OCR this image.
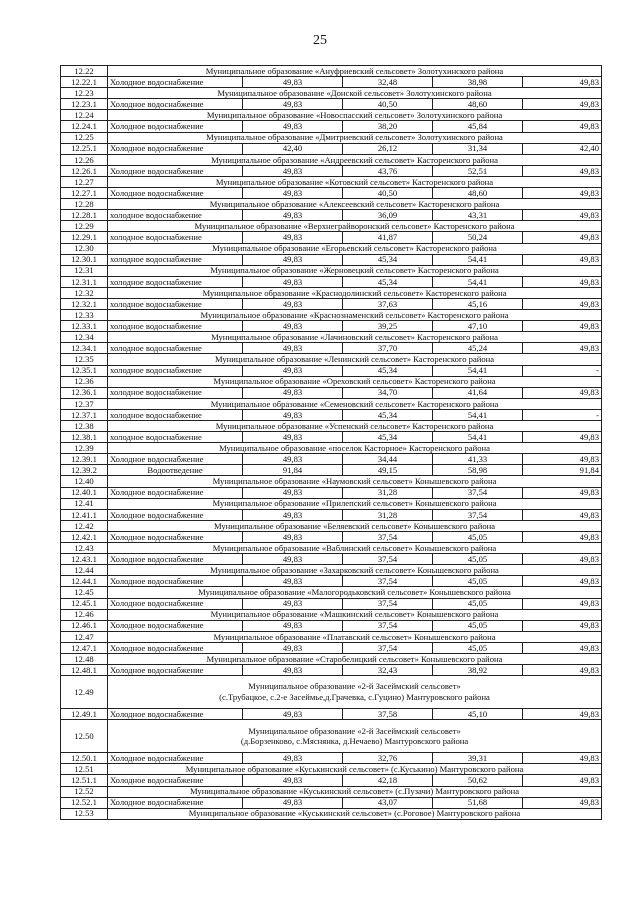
25
12.22	Муниципальное образование «Ануфриевский сельсовет» Золотухинского района				

12.22.1	Холодное водоснабжение	49,83	32,48	38,98	49,83
12.23	Муниципальное образование «Донской сельсовет» Золотухинского района				

12.23.1	Холодное водоснабжение	49,83	40,50	48,60	49,83
12.24	Муниципальное образование «Новоспасский сельсовет» Золотухинского района				

12.24.1	Холодное водоснабжение	49,83	38,20	45,84	49,83
12.25	Муниципальное образование «Дмитриевский сельсовет» Золотухинского района				

12.25.1	Холодное водоснабжение	42,40	26,12	31,34	42,40
12.26	Муниципальное образование «Андреевский сельсовет» Касторенского района				

12.26.1	Холодное водоснабжение	49,83	43,76	52,51	49,83
12.27	Муниципальное образование «Котовский сельсовет» Касторенского района				

12.27.1	Холодное водоснабжение	49,83	40,50	48,60	49,83
12.28	Муниципальное образование «Алексеевский сельсовет» Касторенского района				

12.28.1	холодное водоснабжение	49,83	36,09	43,31	49,83
12.29	Муниципальное образование «Верхнеграйворонский сельсовет» Касторенского района				

12.29.1	холодное водоснабжение	49,83	41,87	50,24	49,83
12.30	Муниципальное образование «Егорьевский сельсовет» Касторенского района				

12.30.1	холодное водоснабжение	49,83	45,34	54,41	49,83
12.31	Муниципальное образование «Жерновецкий сельсовет» Касторенского района				

12.31.1	холодное водоснабжение	49,83	45,34	54,41	49,83
12.32	Муниципальное образование «Краснодолинский сельсовет» Касторенского района				

12.32.1	холодное водоснабжение	49,83	37,63	45,16	49,83
12.33	Муниципальное образование «Краснознаменский сельсовет» Касторенского района				

12.33.1	холодное водоснабжение	49,83	39,25	47,10	49,83
12.34	Муниципальное образование «Лачиновский сельсовет» Касторенского района				

12.34.1	холодное водоснабжение	49,83	37,70	45,24	49,83
12.35	Муниципальное образование «Ленинский сельсовет» Касторенского района				

12.35.1	холодное водоснабжение	49,83	45,34	54,41	-
12.36	Муниципальное образование «Ореховский сельсовет» Касторенского района				

12.36.1	холодное водоснабжение	49,83	34,70	41,64	49,83
12.37	Муниципальное образование «Семеновский сельсовет» Касторенского района				

12.37.1	холодное водоснабжение	49,83	45,34	54,41	-
12.38	Муниципальное образование «Успенский сельсовет» Касторенского района				

12.38.1	холодное водоснабжение	49,83	45,34	54,41	49,83
12.39	Муниципальное образование «поселок Касторное» Касторенского района				

12.39.1	Холодное водоснабжение	49,83	34,44	41,33	49,83
12.39.2	Водоотведение	91,84	49,15	58,98	91,84
12.40	Муниципальное образование «Наумовский сельсовет» Конышевского района				

12.40.1	Холодное водоснабжение	49,83	31,28	37,54	49,83
12.41	Муниципальное образование «Прилепский сельсовет» Конышевского района				

12.41.1	Холодное водоснабжение	49,83	31,28	37,54	49,83
12.42	Муниципальное образование «Беляевский сельсовет» Конышевского района				

12.42.1	Холодное водоснабжение	49,83	37,54	45,05	49,83
12.43	Муниципальное образование «Ваблинский сельсовет» Конышевского района				

12.43.1	Холодное водоснабжение	49,83	37,54	45,05	49,83
12.44	Муниципальное образование «Захарковский сельсовет» Конышевского района				

12.44.1	Холодное водоснабжение	49,83	37,54	45,05	49,83
12.45	Муниципальное образование «Малогородьковский сельсовет» Конышевского района				

12.45.1	Холодное водоснабжение	49,83	37,54	45,05	49,83
12.46	Муниципальное образование «Машкинский сельсовет» Конышевского района				

12.46.1	Холодное водоснабжение	49,83	37,54	45,05	49,83
12.47	Муниципальное образование «Платавский сельсовет» Конышевского района				

12.47.1	Холодное водоснабжение	49,83	37,54	45,05	49,83
12.48	Муниципальное образование «Старобелицкий сельсовет» Конышевского района				

12.48.1	Холодное водоснабжение	49,83	32,43	38,92	49,83
12.49	Муниципальное образование «2-й Засеймский сельсовет»
(с.Трубацкое, с.2-е Засеймье,д.Грачевка, с.Гуцино) Мантуровского района				

12.49.1	Холодное водоснабжение	49,83	37,58	45,10	49,83
12.50	Муниципальное образование «2-й Засеймский сельсовет»
(д.Борзенково, с.Мяснянка, д.Нечаево) Мантуровского района				

12.50.1	Холодное водоснабжение	49,83	32,76	39,31	49,83
12.51	Муниципальное образование «Куськинский сельсовет» (с.Куськино) Мантуровского района				

12.51.1	Холодное водоснабжение	49,83	42,18	50,62	49,83
12.52	Муниципальное образование «Куськинский сельсовет» (с.Пузачи) Мантуровского района				

12.52.1	Холодное водоснабжение	49,83	43,07	51,68	49,83
12.53	Муниципальное образование «Куськинский сельсовет» (с.Роговое) Мантуровского района				
